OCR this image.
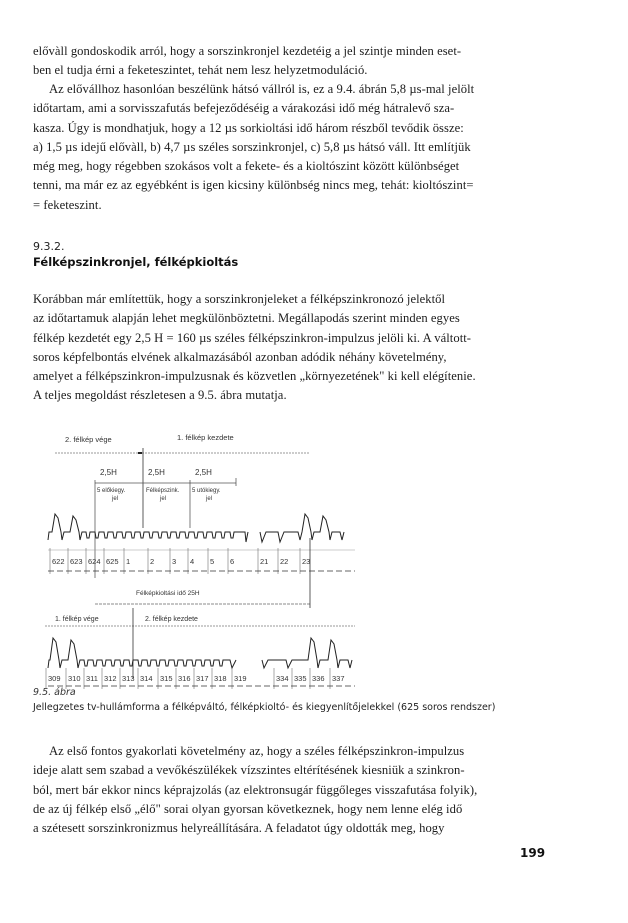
elővàll gondoskodik arról, hogy a sorszinkronjel kezdetéig a jel szintje minden eset-
ben el tudja érni a feketeszintet, tehát nem lesz helyzetmoduláció.

Az elővállhoz hasonlóan beszélünk hátsó vállról is, ez a 9.4. ábrán 5,8 µs-mal jelölt
időtartam, ami a sorvisszafutás befejeződéséig a várakozási idő még hátralevő sza-
kasza. Úgy is mondhatjuk, hogy a 12 µs sorkioltási idő három részből tevődik össze:
a) 1,5 µs idejű elővàll, b) 4,7 µs széles sorszinkronjel, c) 5,8 µs hátsó váll. Itt említjük
még meg, hogy régebben szokásos volt a fekete- és a kioltószint között különbséget
tenni, ma már ez az egyébként is igen kicsiny különbség nincs meg, tehát: kioltószint=
= feketeszint.

9.3.2.

Félképszinkronjel, félképkioltás

Korábban már említettük, hogy a sorszinkronjeleket a félképszinkronozó jelektől
az időtartamuk alapján lehet megkülönböztetni. Megállapodás szerint minden egyes
félkép kezdetét egy 2,5 H = 160 µs széles félképszinkron-impulzus jelöli ki. A váltott-
soros képfelbontás elvének alkalmazásából azonban adódik néhány követelmény,
amelyet a félképszinkron-impulzusnak és közvetlen „környezetének" ki kell elégítenie.
A teljes megoldást részletesen a 9.5. ábra mutatja.

2. félkép vége	1. félkép kezdete
2,5H	2,5H	2,5H
5 előkiegy.
jel
Félképszink.
jel
5 utókiegy.
jel
622 623 624 625 1	2 3 4 5 6	21 22 23
Félképkioltási idő 25H
1. félkép vége	2. félkép kezdete
309 310 311 312 313 314 315 316 317 318 319	334 335 336 337

9.5. ábra

Jellegzetes tv-hullámforma a félképváltó, félképkioltó- és kiegyenlítőjelekkel (625 soros rendszer)

Az első fontos gyakorlati követelmény az, hogy a széles félképszinkron-impulzus
ideje alatt sem szabad a vevőkészülékek vízszintes eltérítésének kiesniük a szinkron-
ból, mert bár ekkor nincs képrajzolás (az elektronsugár függőleges visszafutása folyik),
de az új félkép első „élő" sorai olyan gyorsan következnek, hogy nem lenne elég idő
a szétesett sorszinkronizmus helyreállítására. A feladatot úgy oldották meg, hogy

199
